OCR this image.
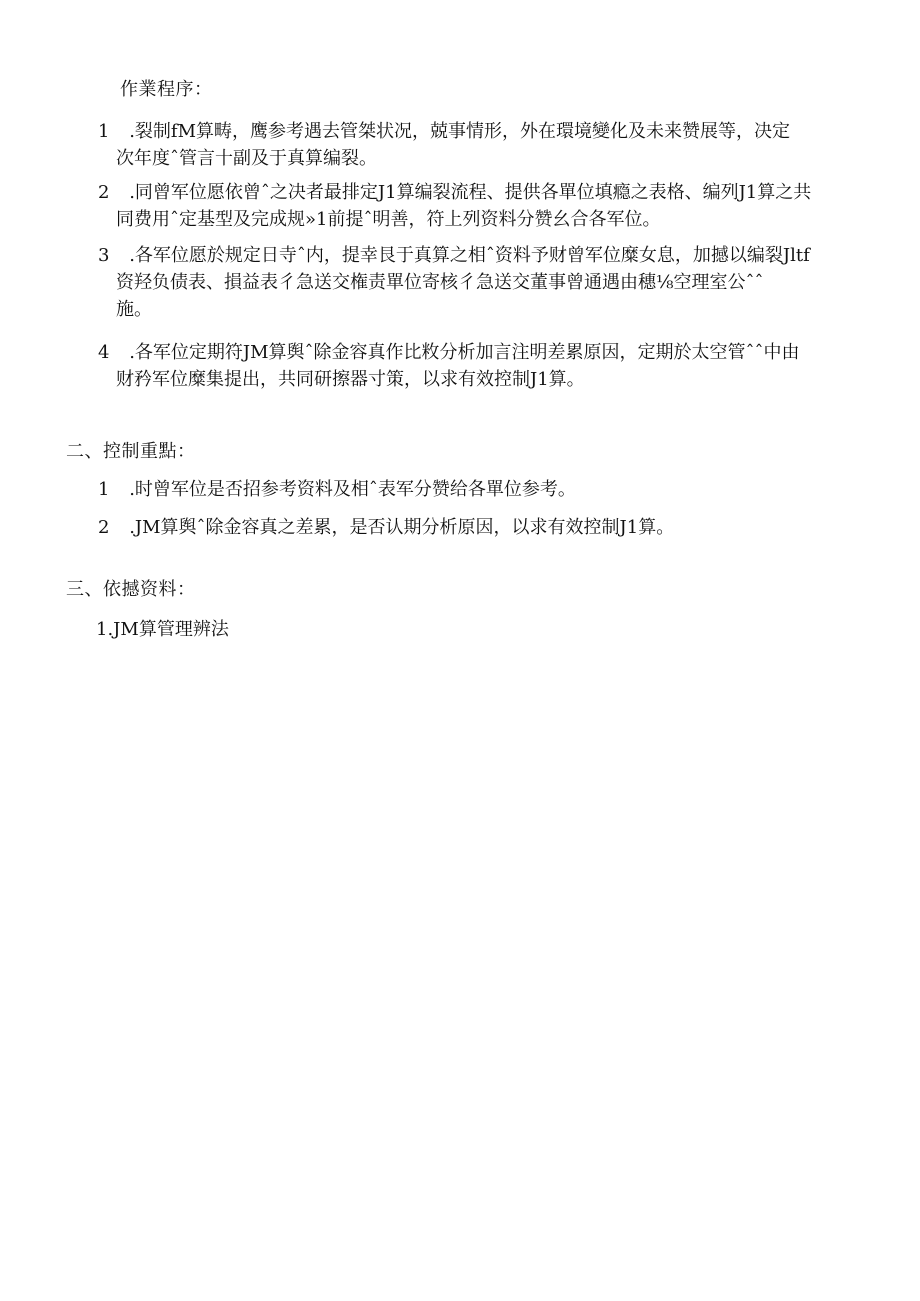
作業程序：
1 .裂制fM算畴，鹰参考遇去管桀状况，兢事情形，外在環境變化及未来赞展等，决定
次年度ˆ管言十副及于真算编裂。
2 .同曾军位愿依曾ˆ之决者最排定J1算编裂流程、提供各單位填瘾之表格、编列J1算之共
同费用ˆ定基型及完成规»1前提ˆ明善，符上列资料分赞幺合各军位。
3 .各军位愿於规定日寺ˆ内，提幸艮于真算之相ˆ资料予财曾军位糜女息，加撼以编裂Jltf
资羟负债表、損益表彳急送交権责單位寄核彳急送交董事曾通遇由穗⅛空理室公ˆˆ
施。
4 .各军位定期符JM算舆ˆ除金容真作比敉分析加言注明差累原因，定期於太空管ˆˆ中由
财矜军位糜集提出，共同研擦器寸策，以求有效控制J1算。
二、控制重點：
1 .时曾军位是否招参考资料及相ˆ表军分赞给各單位参考。
2 .JM算舆ˆ除金容真之差累，是否认期分析原因，以求有效控制J1算。
三、依撼资料：
1.JM算管理辨法
